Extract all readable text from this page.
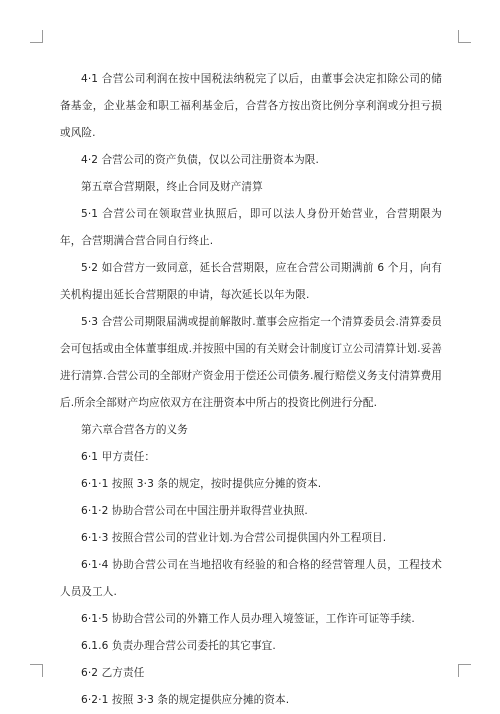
4·1 合营公司利润在按中国税法纳税完了以后，由董事会决定扣除公司的储备基金，企业基金和职工福利基金后，合营各方按出资比例分享利润或分担亏损或风险.

4·2 合营公司的资产负债，仅以公司注册资本为限.

第五章合营期限，终止合同及财产清算

5·1 合营公司在领取营业执照后，即可以法人身份开始营业，合营期限为 年，合营期满合营合同自行终止.

5·2 如合营方一致同意，延长合营期限，应在合营公司期满前 6 个月，向有关机构提出延长合营期限的申请，每次延长以年为限.

5·3 合营公司期限届满或提前解散时.董事会应指定一个清算委员会.清算委员会可包括或由全体董事组成.并按照中国的有关财会计制度订立公司清算计划.妥善进行清算.合营公司的全部财产资金用于偿还公司债务.履行赔偿义务支付清算费用后.所余全部财产均应依双方在注册资本中所占的投资比例进行分配.

第六章合营各方的义务

6·1 甲方责任：

6·1·1 按照 3·3 条的规定，按时提供应分摊的资本.

6·1·2 协助合营公司在中国注册并取得营业执照.

6·1·3 按照合营公司的营业计划.为合营公司提供国内外工程项目.

6·1·4 协助合营公司在当地招收有经验的和合格的经营管理人员，工程技术人员及工人.

6·1·5 协助合营公司的外籍工作人员办理入境签证，工作许可证等手续.

6.1.6 负责办理合营公司委托的其它事宜.

6·2 乙方责任

6·2·1 按照 3·3 条的规定提供应分摊的资本.
